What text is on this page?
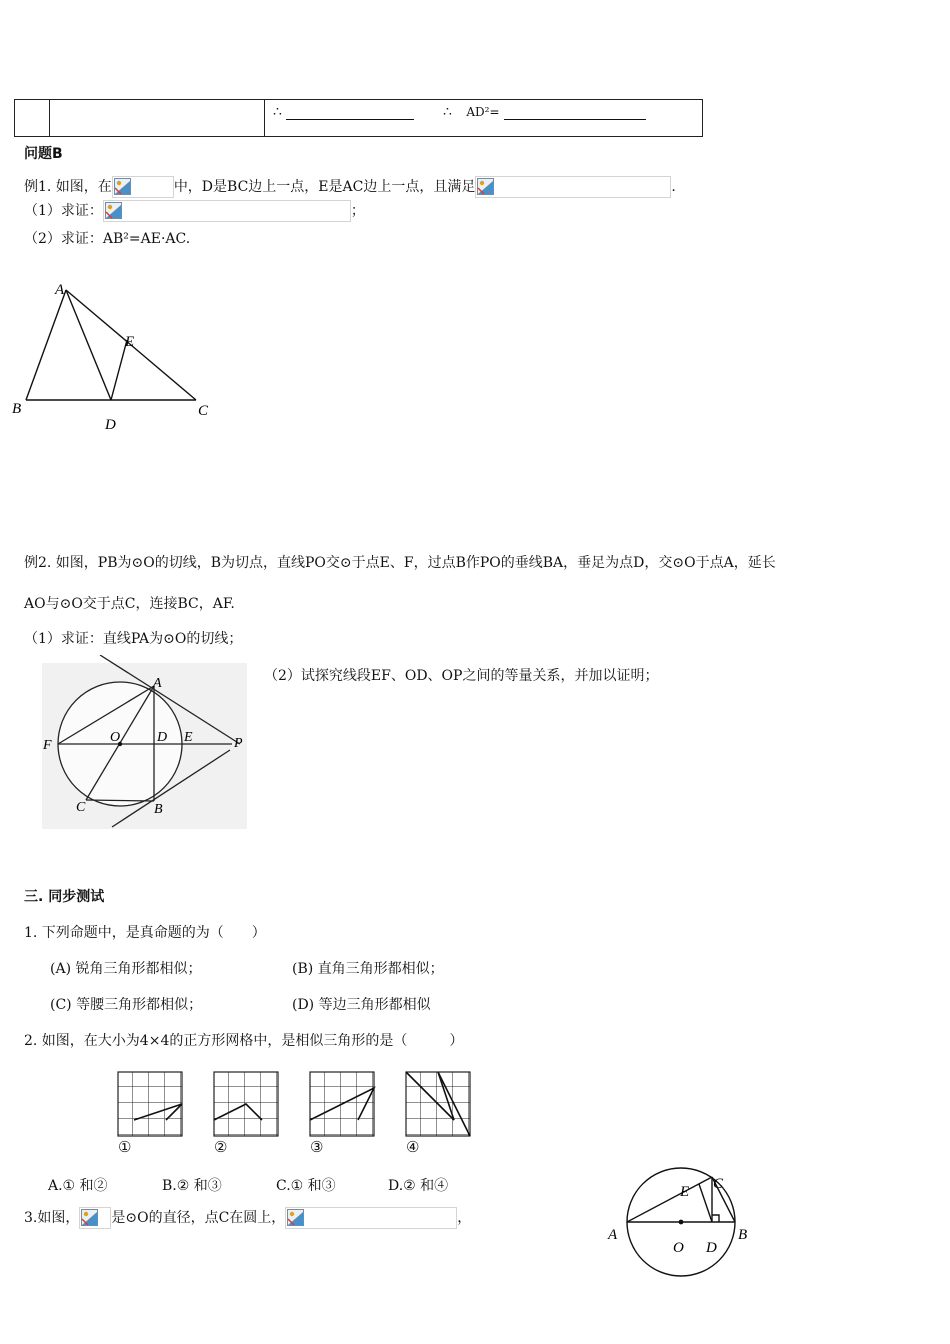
∴	∴ AD²=
问题B
例1. 如图，在	中，D是BC边上一点，E是AC边上一点，且满足	.
（1）求证：	；
（2）求证：AB²=AE·AC.
A
E
B	C
D
例2. 如图，PB为⊙O的切线，B为切点，直线PO交⊙于点E、F，过点B作PO的垂线BA，垂足为点D，交⊙O于点A，延长
AO与⊙O交于点C，连接BC，AF.
（1）求证：直线PA为⊙O的切线；
（2）试探究线段EF、OD、OP之间的等量关系，并加以证明；
A
O	D E
F	P
C	B
三. 同步测试
1. 下列命题中，是真命题的为（　　）
(A) 锐角三角形都相似；	(B) 直角三角形都相似；
(C) 等腰三角形都相似；	(D) 等边三角形都相似
2. 如图，在大小为4×4的正方形网格中，是相似三角形的是（　　　）
①	②	③	④
A.① 和②	B.② 和③	C.① 和③	D.② 和④
3.如图， 是⊙O的直径，点C在圆上，	，
A	B
C
E
D
O
